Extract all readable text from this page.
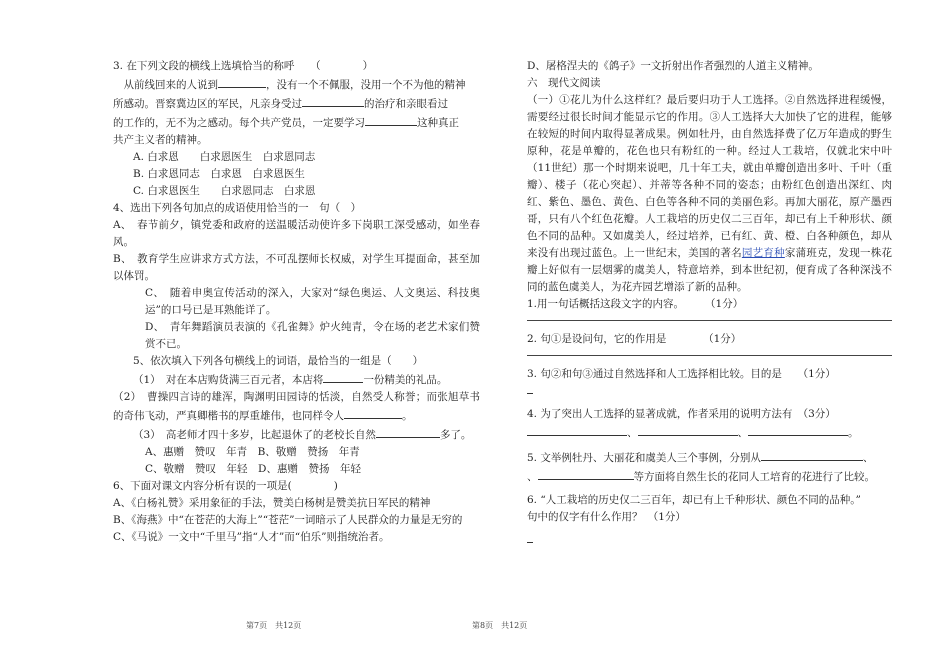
3. 在下列文段的横线上选填恰当的称呼　　（　　　　）

　从前线回来的人说到	，没有一个不佩服，没用一个不为他的精神

所感动。晋察冀边区的军民，凡亲身受过	的治疗和亲眼看过

的工作的，无不为之感动。每个共产党员，一定要学习	这种真正

共产主义者的精神。

A. 白求恩　　白求恩医生　白求恩同志

B. 白求恩同志　白求恩　白求恩医生

C. 白求恩医生　　白求恩同志　白求恩

4、选出下列各句加点的成语使用恰当的一　句（　）

A、　春节前夕，镇党委和政府的送温暖活动使许多下岗职工深受感动，如坐春风。

B、　教育学生应讲求方式方法，不可乱摆师长权威，对学生耳提面命，甚至加以体罚。

C、　随着申奥宣传活动的深入，大家对“绿色奥运、人文奥运、科技奥运”的口号已是耳熟能详了。

D、　青年舞蹈演员表演的《孔雀舞》炉火纯青，令在场的老艺术家们赞赏不已。

5、依次填入下列各句横线上的词语，最恰当的一组是（　　）

（1）　对在本店购货满三百元者，本店将	一份精美的礼品。

（2）　曹操四言诗的雄浑，陶渊明田园诗的恬淡，自然受人称誉；而张旭草书的奇伟飞动，严真卿楷书的厚重雄伟，也同样令人	。

（3）　高老师才四十多岁，比起退休了的老校长自然	多了。

A、惠赠　赞叹　年青　B、敬赠　赞扬　年青

C、敬赠　赞叹　年轻　D、惠赠　赞扬　年轻

6、下面对课文内容分析有误的一项是(　　　　)

A、《白杨礼赞》采用象征的手法，赞美白杨树是赞美抗日军民的精神

B、《海燕》中“在苍茫的大海上”“苍茫”一词暗示了人民群众的力量是无穷的

C、《马说》一文中“千里马”指“人才”而“伯乐”则指统治者。

D、屠格涅夫的《鸽子》一文折射出作者强烈的人道主义精神。

六　现代文阅读

（一）①花儿为什么这样红？最后要归功于人工选择。②自然选择进程缓慢，需要经过很长时间才能显示它的作用。③人工选择大大加快了它的进程，能够在较短的时间内取得显著成果。例如牡丹，由自然选择费了亿万年造成的野生原种，花是单瓣的，花色也只有粉红的一种。经过人工栽培，仅就北宋中叶（11世纪）那一个时期来说吧，几十年工夫，就由单瓣创造出多叶、千叶（重瓣）、楼子（花心突起）、并蒂等各种不同的姿态；由粉红色创造出深红、肉红、紫色、墨色、黄色、白色等各种不同的美丽色彩。再加大丽花，原产墨西哥，只有八个红色花瓣。人工栽培的历史仅二三百年，却已有上千种形状、颜色不同的品种。又如虞美人，经过培养，已有红、黄、橙、白各种颜色，却从来没有出现过蓝色。上一世纪末，美国的著名园艺育种家蒲班克，发现一株花瓣上好似有一层烟雾的虞美人，特意培养，到本世纪初，便育成了各种深浅不同的蓝色虞美人，为花卉园艺增添了新的品种。

1.用一句话概括这段文字的内容。　　　（1分）

2. 句①是设问句，它的作用是　　　　（1分）

3. 句②和句③通过自然选择和人工选择相比较。目的是　　（1分）

4. 为了突出人工选择的显著成就，作者采用的说明方法有　（3分）

、	、	。

5. 文举例牡丹、大丽花和虞美人三个事例，分别从	、

、	等方面将自然生长的花同人工培育的花进行了比较。

6. “人工栽培的历史仅二三百年，却已有上千种形状、颜色不同的品种。”

句中的仅字有什么作用？　（1分）

第7页　共12页	第8页　共12页
